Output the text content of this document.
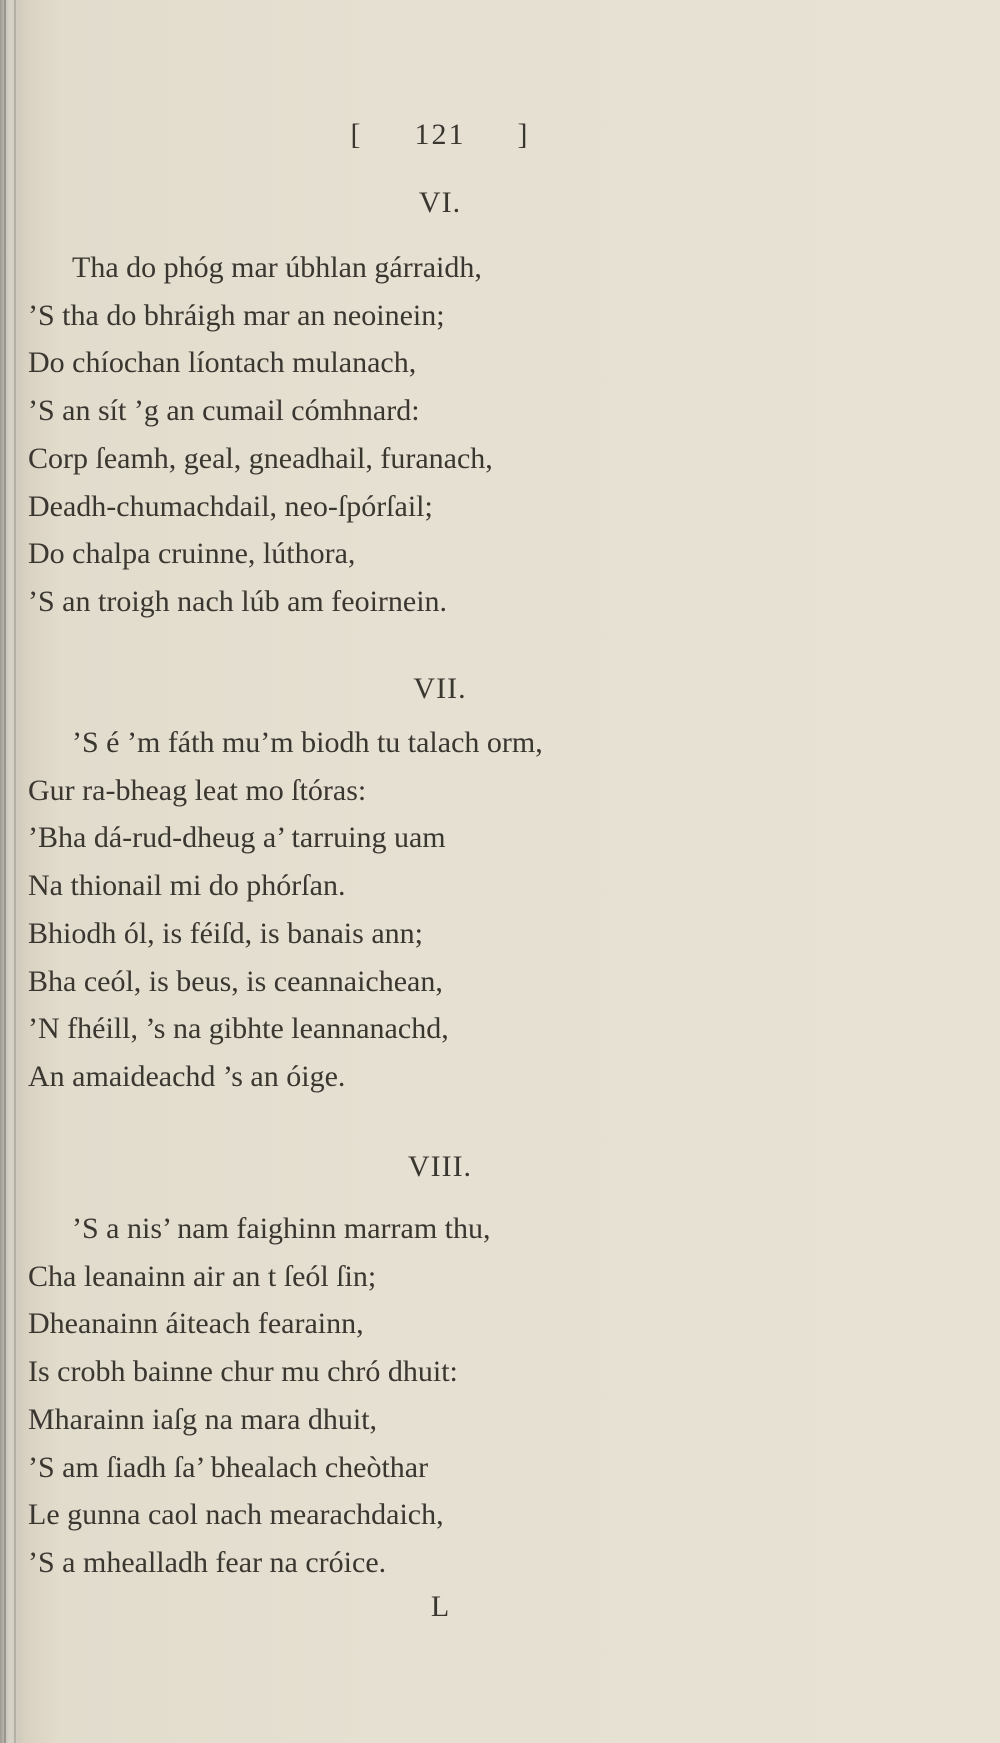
[ 121 ]
VI.
Tha do phóg mar úbhlan gárraidh,
’S tha do bhráigh mar an neoinein;
Do chíochan líontach mulanach,
’S an sít ’g an cumail cómhnard:
Corp ſeamh, geal, gneadhail, furanach,
Deadh-chumachdail, neo-ſpórſail;
Do chalpa cruinne, lúthora,
’S an troigh nach lúb am feoirnein.
VII.
’S é ’m fáth mu’m biodh tu talach orm,
Gur ra-bheag leat mo ſtóras:
’Bha dá-rud-dheug a’ tarruing uam
Na thionail mi do phórſan.
Bhiodh ól, is féiſd, is banais ann;
Bha ceól, is beus, is ceannaichean,
’N fhéill, ’s na gibhte leannanachd,
An amaideachd ’s an óige.
VIII.
’S a nis’ nam faighinn marram thu,
Cha leanainn air an t ſeól ſin;
Dheanainn áiteach fearainn,
Is crobh bainne chur mu chró dhuit:
Mharainn iaſg na mara dhuit,
’S am ſiadh ſa’ bhealach cheòthar
Le gunna caol nach mearachdaich,
’S a mhealladh fear na cróice.
L
